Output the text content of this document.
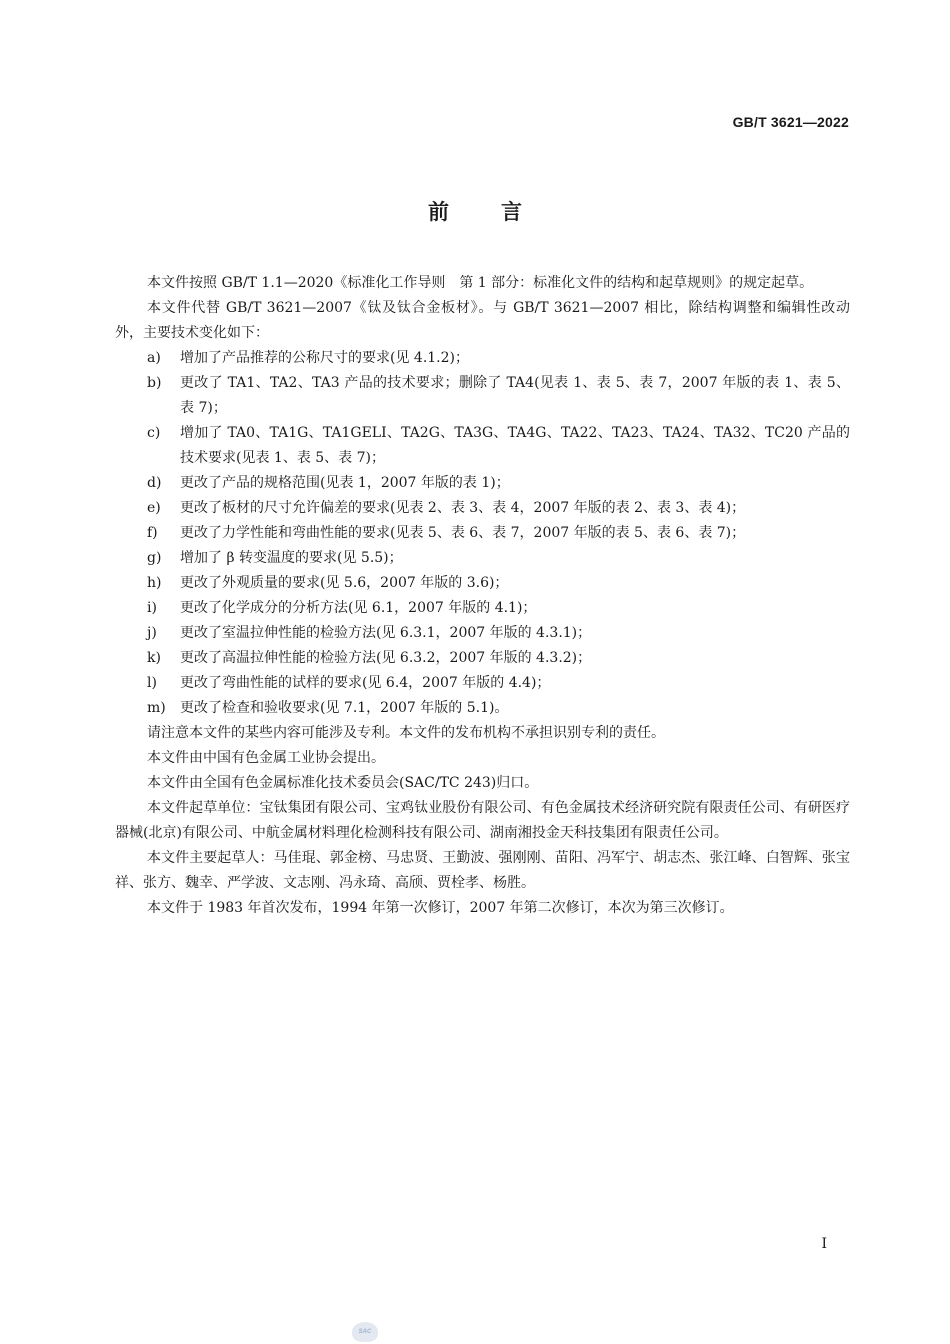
GB/T 3621—2022
前言

本文件按照 GB/T 1.1—2020《标准化工作导则　第 1 部分：标准化文件的结构和起草规则》的规定起草。

本文件代替 GB/T 3621—2007《钛及钛合金板材》。与 GB/T 3621—2007 相比，除结构调整和编辑性改动外，主要技术变化如下：

a)	增加了产品推荐的公称尺寸的要求(见 4.1.2)；
b)	更改了 TA1、TA2、TA3 产品的技术要求；删除了 TA4(见表 1、表 5、表 7，2007 年版的表 1、表 5、表 7)；
c)	增加了 TA0、TA1G、TA1GELI、TA2G、TA3G、TA4G、TA22、TA23、TA24、TA32、TC20 产品的技术要求(见表 1、表 5、表 7)；
d)	更改了产品的规格范围(见表 1，2007 年版的表 1)；
e)	更改了板材的尺寸允许偏差的要求(见表 2、表 3、表 4，2007 年版的表 2、表 3、表 4)；
f)	更改了力学性能和弯曲性能的要求(见表 5、表 6、表 7，2007 年版的表 5、表 6、表 7)；
g)	增加了 β 转变温度的要求(见 5.5)；
h)	更改了外观质量的要求(见 5.6，2007 年版的 3.6)；
i)	更改了化学成分的分析方法(见 6.1，2007 年版的 4.1)；
j)	更改了室温拉伸性能的检验方法(见 6.3.1，2007 年版的 4.3.1)；
k)	更改了高温拉伸性能的检验方法(见 6.3.2，2007 年版的 4.3.2)；
l)	更改了弯曲性能的试样的要求(见 6.4，2007 年版的 4.4)；
m)	更改了检查和验收要求(见 7.1，2007 年版的 5.1)。

请注意本文件的某些内容可能涉及专利。本文件的发布机构不承担识别专利的责任。

本文件由中国有色金属工业协会提出。

本文件由全国有色金属标准化技术委员会(SAC/TC 243)归口。

本文件起草单位：宝钛集团有限公司、宝鸡钛业股份有限公司、有色金属技术经济研究院有限责任公司、有研医疗器械(北京)有限公司、中航金属材料理化检测科技有限公司、湖南湘投金天科技集团有限责任公司。

本文件主要起草人：马佳琨、郭金榜、马忠贤、王勤波、强刚刚、苗阳、冯军宁、胡志杰、张江峰、白智辉、张宝祥、张方、魏幸、严学波、文志刚、冯永琦、高颀、贾栓孝、杨胜。

本文件于 1983 年首次发布，1994 年第一次修订，2007 年第二次修订，本次为第三次修订。

I
SAC
